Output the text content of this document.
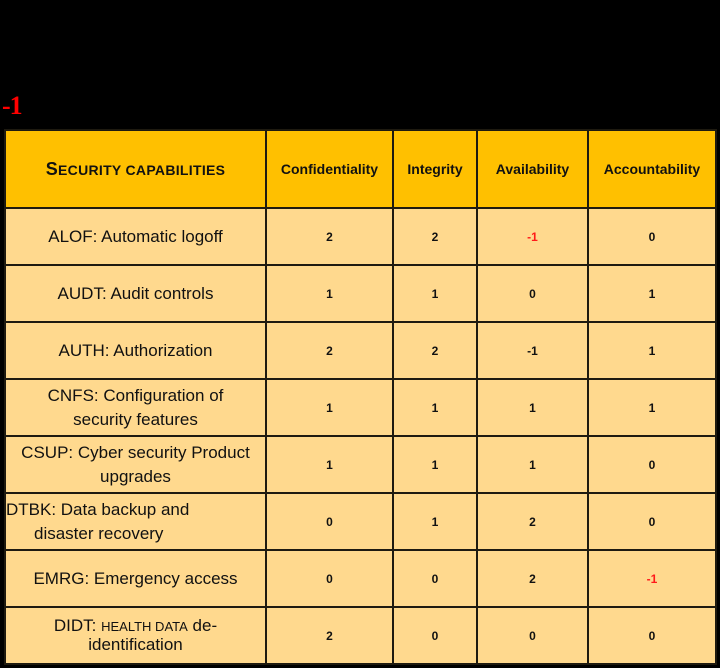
-1
SECURITY CAPABILITIES	Confidentiality	Integrity	Availability	Accountability
ALOF: Automatic logoff	2	2	-1	0
AUDT: Audit controls	1	1	0	1
AUTH: Authorization	2	2	-1	1
CNFS: Configuration of
security features	1	1	1	1
CSUP: Cyber security Product
upgrades	1	1	1	0
DTBK: Data backup and
disaster recovery	0	1	2	0
EMRG: Emergency access	0	0	2	-1
DIDT: HEALTH DATA de-
identification	2	0	0	0
